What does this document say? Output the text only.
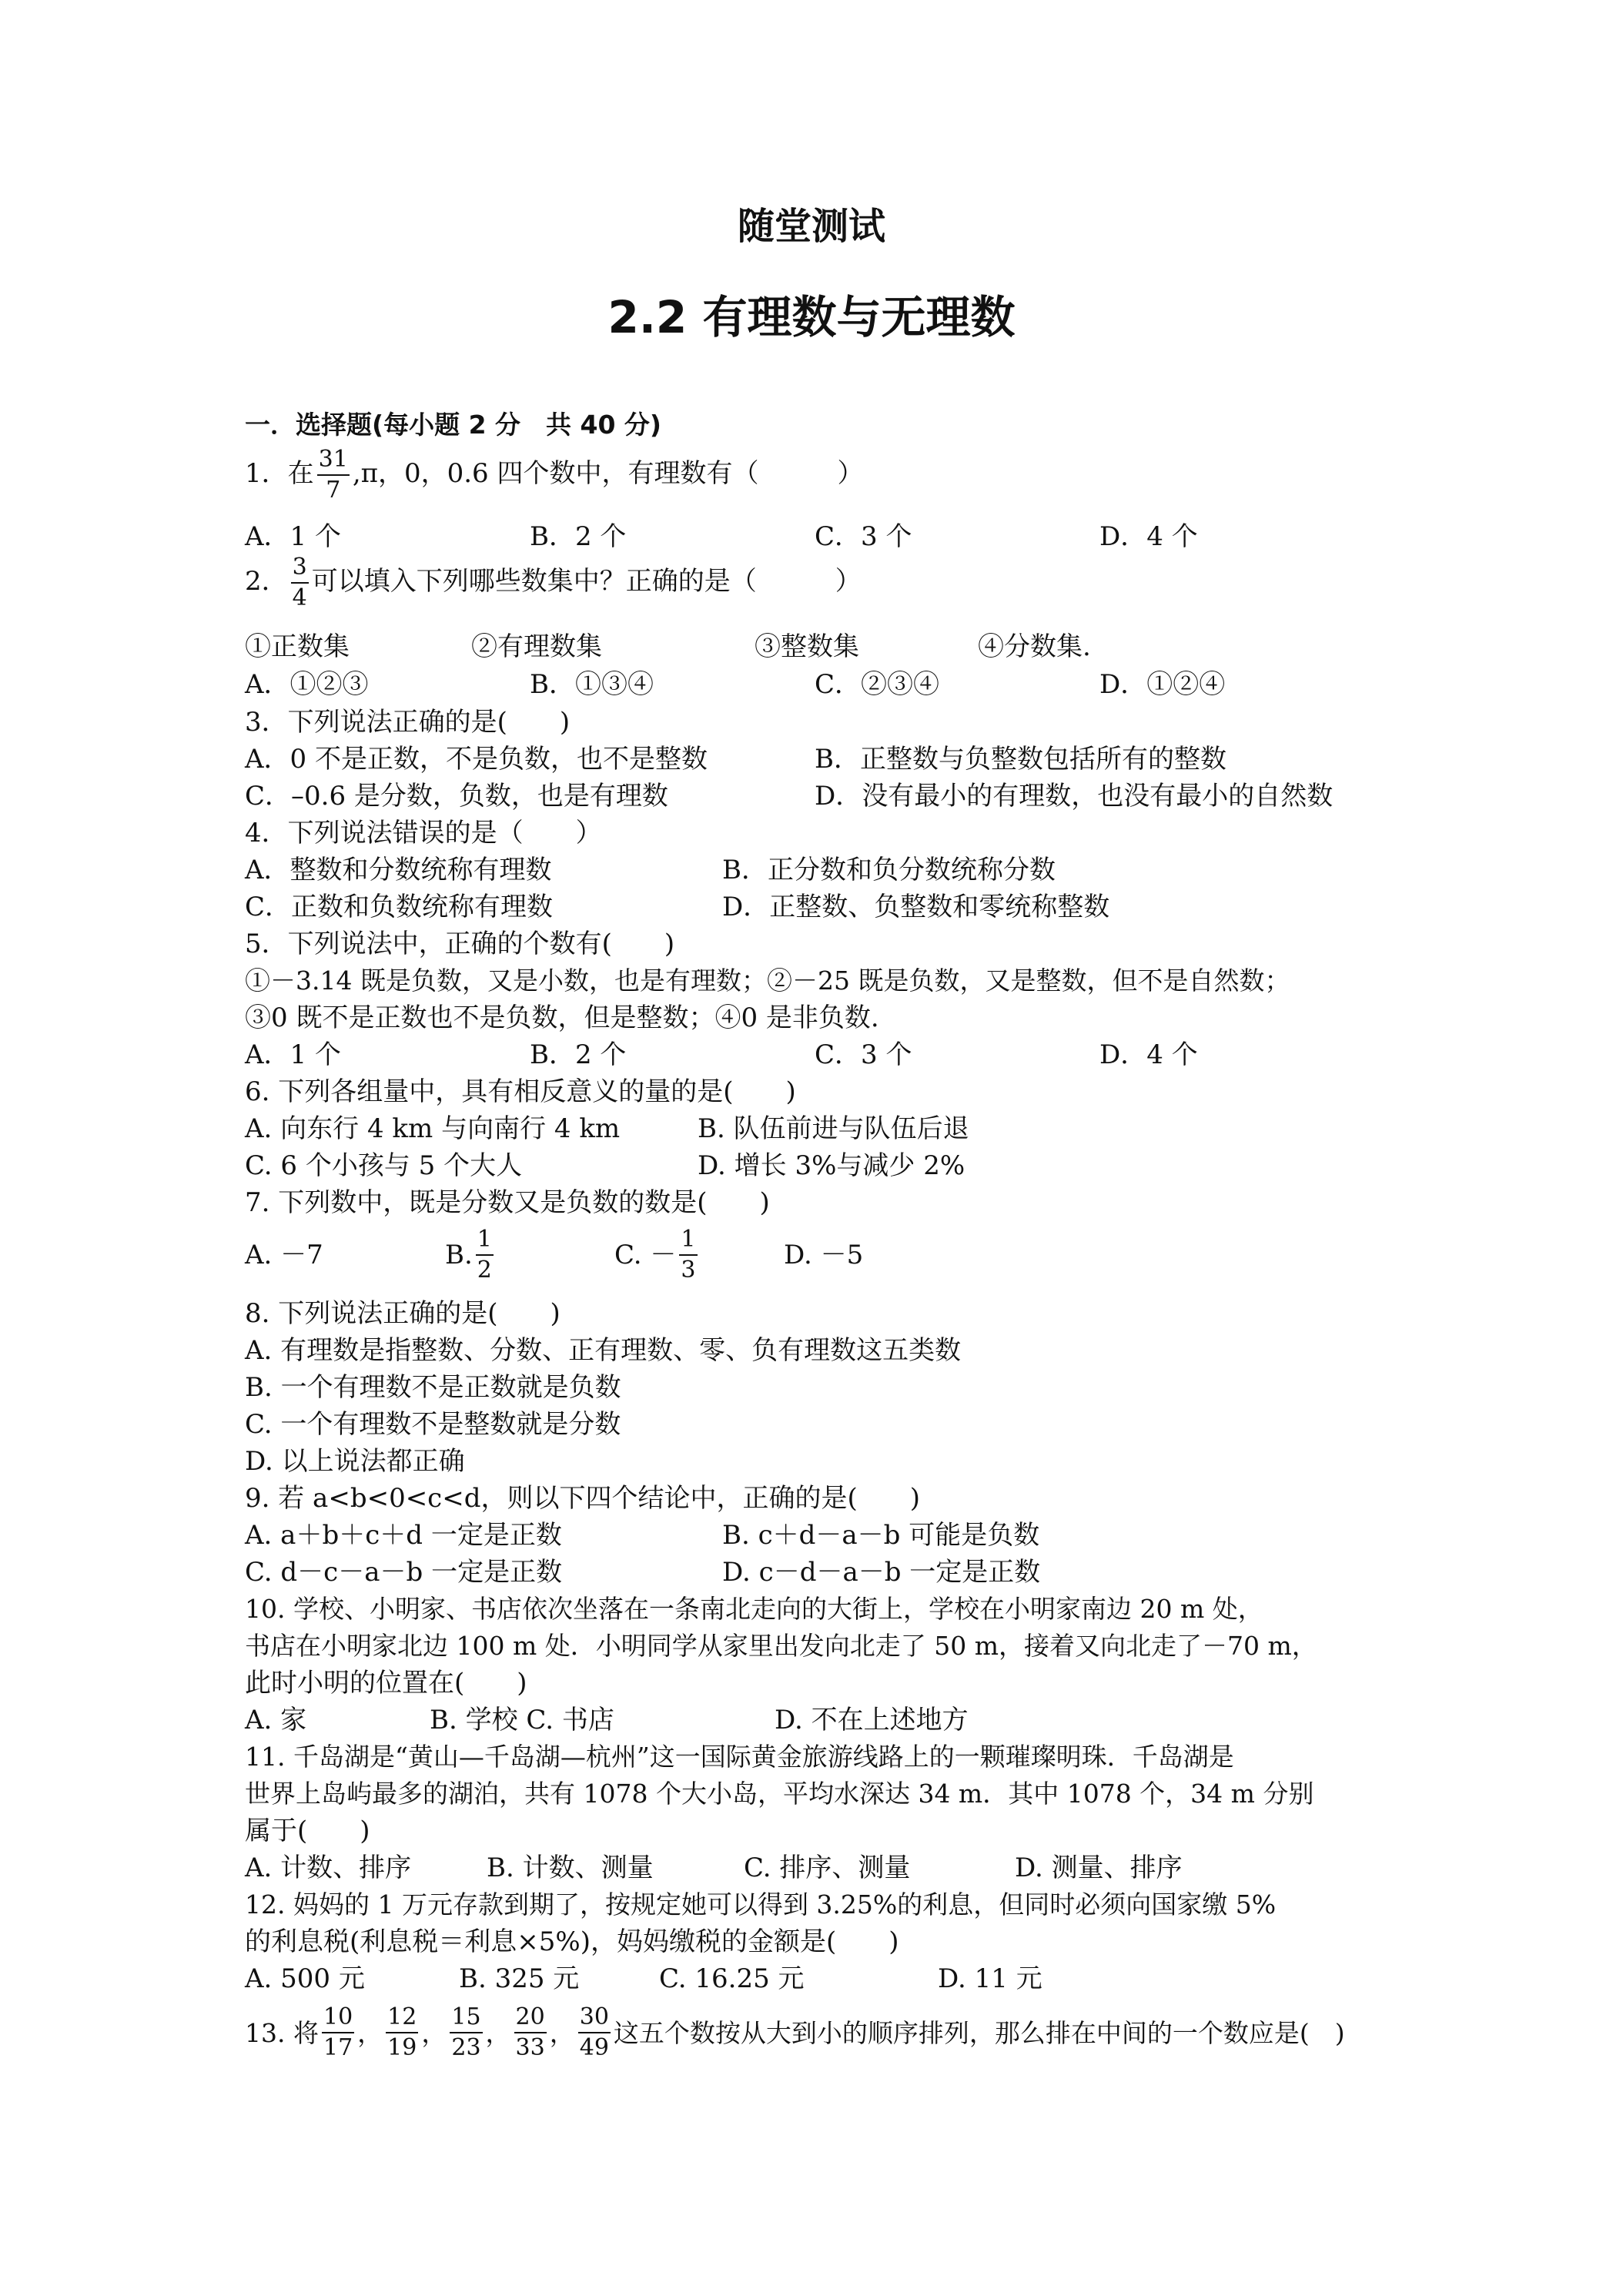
随堂测试
2.2 有理数与无理数
一．选择题(每小题 2 分　共 40 分)
1．在 $\frac{31}{7} ,\pi$，0，0.6 四个数中，有理数有（　　　）
A．1 个	B．2 个	C．3 个	D．4 个
2． $\frac{3}{4}$ 可以填入下列哪些数集中？正确的是（　　　）
①正数集	②有理数集	③整数集	④分数集.
A．①②③	B．①③④	C．②③④	D．①②④
3．下列说法正确的是(　　)
A．0 不是正数，不是负数，也不是整数	B．正整数与负整数包括所有的整数
C．–0.6 是分数，负数，也是有理数	D．没有最小的有理数，也没有最小的自然数
4．下列说法错误的是（　　）
A．整数和分数统称有理数	B．正分数和负分数统称分数
C．正数和负数统称有理数	D．正整数、负整数和零统称整数
5．下列说法中，正确的个数有(　　)
①－3.14 既是负数，又是小数，也是有理数；②－25 既是负数，又是整数，但不是自然数；
③0 既不是正数也不是负数，但是整数；④0 是非负数.
A．1 个	B．2 个	C．3 个	D．4 个
6. 下列各组量中，具有相反意义的量的是(　　)
A. 向东行 4 km 与向南行 4 km	B. 队伍前进与队伍后退
C. 6 个小孩与 5 个大人	D. 增长 3%与减少 2%
7. 下列数中，既是分数又是负数的数是(　　)
A. －7	B. $\frac{1}{2}$	C. － $\frac{1}{3}$	D. －5
8. 下列说法正确的是(　　)
A. 有理数是指整数、分数、正有理数、零、负有理数这五类数
B. 一个有理数不是正数就是负数
C. 一个有理数不是整数就是分数
D. 以上说法都正确
9. 若 a<b<0<c<d，则以下四个结论中，正确的是(　　)
A. a＋b＋c＋d 一定是正数	B. c＋d－a－b 可能是负数
C. d－c－a－b 一定是正数	D. c－d－a－b 一定是正数
10. 学校、小明家、书店依次坐落在一条南北走向的大街上，学校在小明家南边 20 m 处，
书店在小明家北边 100 m 处．小明同学从家里出发向北走了 50 m，接着又向北走了－70 m，
此时小明的位置在(　　)
A. 家	B. 学校 C. 书店	D. 不在上述地方
11. 千岛湖是“黄山—千岛湖—杭州”这一国际黄金旅游线路上的一颗璀璨明珠．千岛湖是
世界上岛屿最多的湖泊，共有 1078 个大小岛，平均水深达 34 m．其中 1078 个，34 m 分别
属于(　　)
A. 计数、排序	B. 计数、测量	C. 排序、测量	D. 测量、排序
12. 妈妈的 1 万元存款到期了，按规定她可以得到 3.25%的利息，但同时必须向国家缴 5%
的利息税(利息税＝利息×5%)，妈妈缴税的金额是(　　)
A. 500 元	B. 325 元	C. 16.25 元	D. 11 元
13. 将 $\frac{10}{17}$ ， $\frac{12}{19}$ ， $\frac{15}{23}$ ， $\frac{20}{33}$ ， $\frac{30}{49}$ 这五个数按从大到小的顺序排列，那么排在中间的一个数应是(　)
